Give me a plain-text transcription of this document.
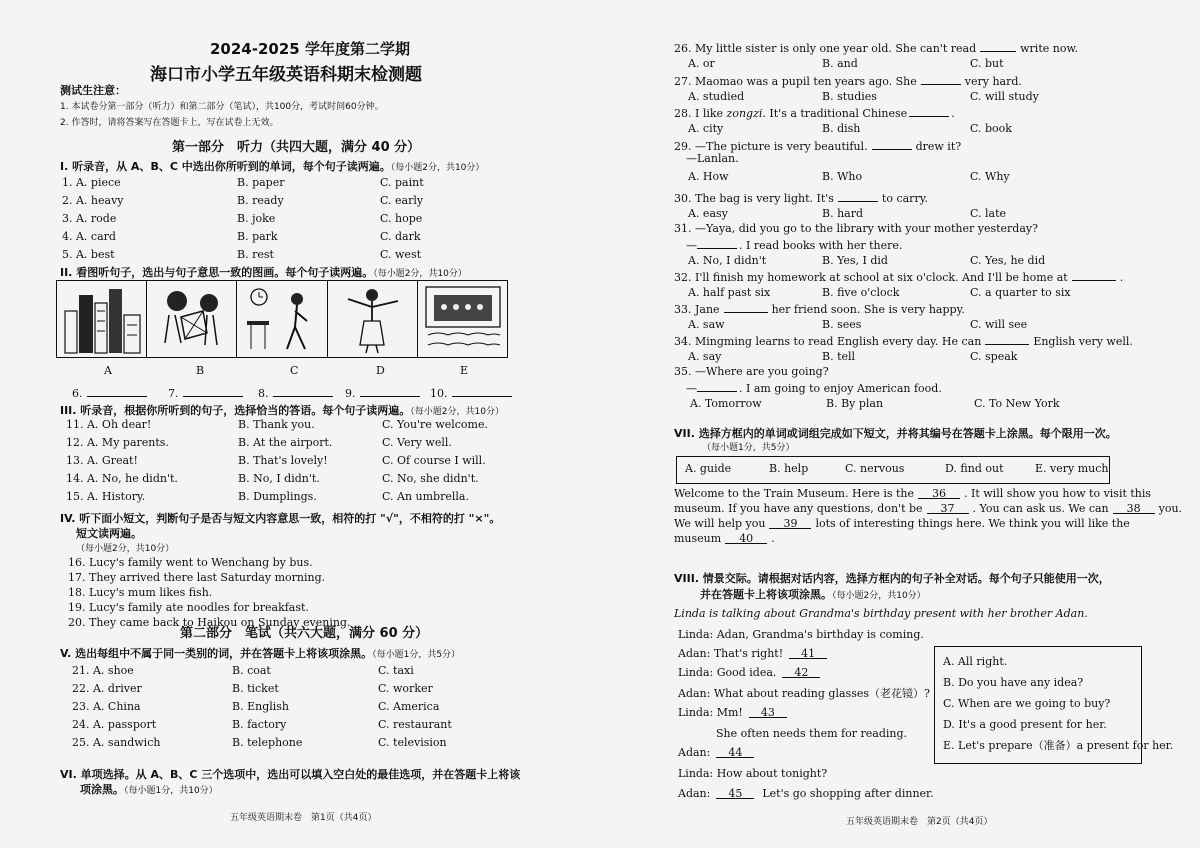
2024-2025 学年度第二学期
海口市小学五年级英语科期末检测题
测试生注意：
1. 本试卷分第一部分（听力）和第二部分（笔试），共100分，考试时间60分钟。
2. 作答时，请将答案写在答题卡上，写在试卷上无效。
第一部分　听力（共四大题，满分 40 分）
I. 听录音，从 A、B、C 中选出你所听到的单词，每个句子读两遍。（每小题2分，共10分）
1. A. piece	B. paper	C. paint
2. A. heavy	B. ready	C. early
3. A. rode	B. joke	C. hope
4. A. card	B. park	C. dark
5. A. best	B. rest	C. west
II. 看图听句子，选出与句子意思一致的图画。每个句子读两遍。（每小题2分，共10分）
A	B	C	D	E
6.	7.	8.	9.	10.
III. 听录音，根据你所听到的句子，选择恰当的答语。每个句子读两遍。（每小题2分，共10分）
11. A. Oh dear!	B. Thank you.	C. You're welcome.
12. A. My parents.	B. At the airport.	C. Very well.
13. A. Great!	B. That's lovely!	C. Of course I will.
14. A. No, he didn't.	B. No, I didn't.	C. No, she didn't.
15. A. History.	B. Dumplings.	C. An umbrella.
IV. 听下面小短文，判断句子是否与短文内容意思一致，相符的打 "√"，不相符的打 "×"。
短文读两遍。
（每小题2分，共10分）
16. Lucy's family went to Wenchang by bus.
17. They arrived there last Saturday morning.
18. Lucy's mum likes fish.
19. Lucy's family ate noodles for breakfast.
20. They came back to Haikou on Sunday evening.
第二部分　笔试（共六大题，满分 60 分）
V. 选出每组中不属于同一类别的词，并在答题卡上将该项涂黑。（每小题1分，共5分）
21. A. shoe	B. coat	C. taxi
22. A. driver	B. ticket	C. worker
23. A. China	B. English	C. America
24. A. passport	B. factory	C. restaurant
25. A. sandwich	B. telephone	C. television
VI. 单项选择。从 A、B、C 三个选项中，选出可以填入空白处的最佳选项，并在答题卡上将该
项涂黑。（每小题1分，共10分）
五年级英语期末卷　第1页（共4页）
26. My little sister is only one year old. She can't read	write now.
A. or	B. and	C. but
27. Maomao was a pupil ten years ago. She	very hard.
A. studied	B. studies	C. will study
28. I like zongzi. It's a traditional Chinese	.
A. city	B. dish	C. book
29. —The picture is very beautiful.	drew it?
—Lanlan.
A. How	B. Who	C. Why
30. The bag is very light. It's	to carry.
A. easy	B. hard	C. late
31. —Yaya, did you go to the library with your mother yesterday?
—	. I read books with her there.
A. No, I didn't	B. Yes, I did	C. Yes, he did
32. I'll finish my homework at school at six o'clock. And I'll be home at	.
A. half past six	B. five o'clock	C. a quarter to six
33. Jane	her friend soon. She is very happy.
A. saw	B. sees	C. will see
34. Mingming learns to read English every day. He can	English very well.
A. say	B. tell	C. speak
35. —Where are you going?
—	. I am going to enjoy American food.
A. Tomorrow	B. By plan	C. To New York
VII. 选择方框内的单词或词组完成如下短文，并将其编号在答题卡上涂黑。每个限用一次。
（每小题1分，共5分）
A. guide	B. help	C. nervous	D. find out	E. very much
Welcome to the Train Museum. Here is the 36 . It will show you how to visit this
museum. If you have any questions, don't be 37 . You can ask us. We can 38 you.
We will help you 39 lots of interesting things here. We think you will like the
museum 40 .
VIII. 情景交际。请根据对话内容，选择方框内的句子补全对话。每个句子只能使用一次，
并在答题卡上将该项涂黑。（每小题2分，共10分）
Linda is talking about Grandma's birthday present with her brother Adan.
Linda: Adan, Grandma's birthday is coming.
Adan: That's right! 41
Linda: Good idea. 42
Adan: What about reading glasses（老花镜）?
Linda: Mm! 43
She often needs them for reading.
Adan: 44
Linda: How about tonight?
Adan: 45 Let's go shopping after dinner.
A. All right.
B. Do you have any idea?
C. When are we going to buy?
D. It's a good present for her.
E. Let's prepare（准备）a present for her.
五年级英语期末卷　第2页（共4页）
